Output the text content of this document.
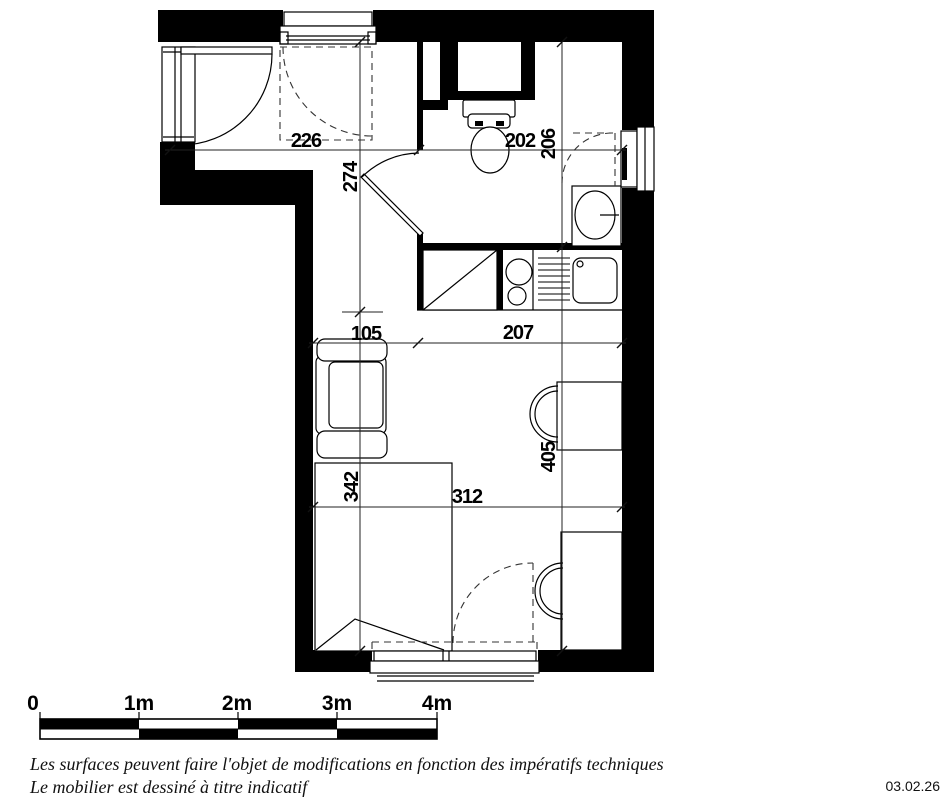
226	202
274
206
105	207
342	312
405
0	1m	2m	3m	4m
Les surfaces peuvent faire l'objet de modifications en fonction des impératifs techniques
Le mobilier est dessiné à titre indicatif	03.02.26
